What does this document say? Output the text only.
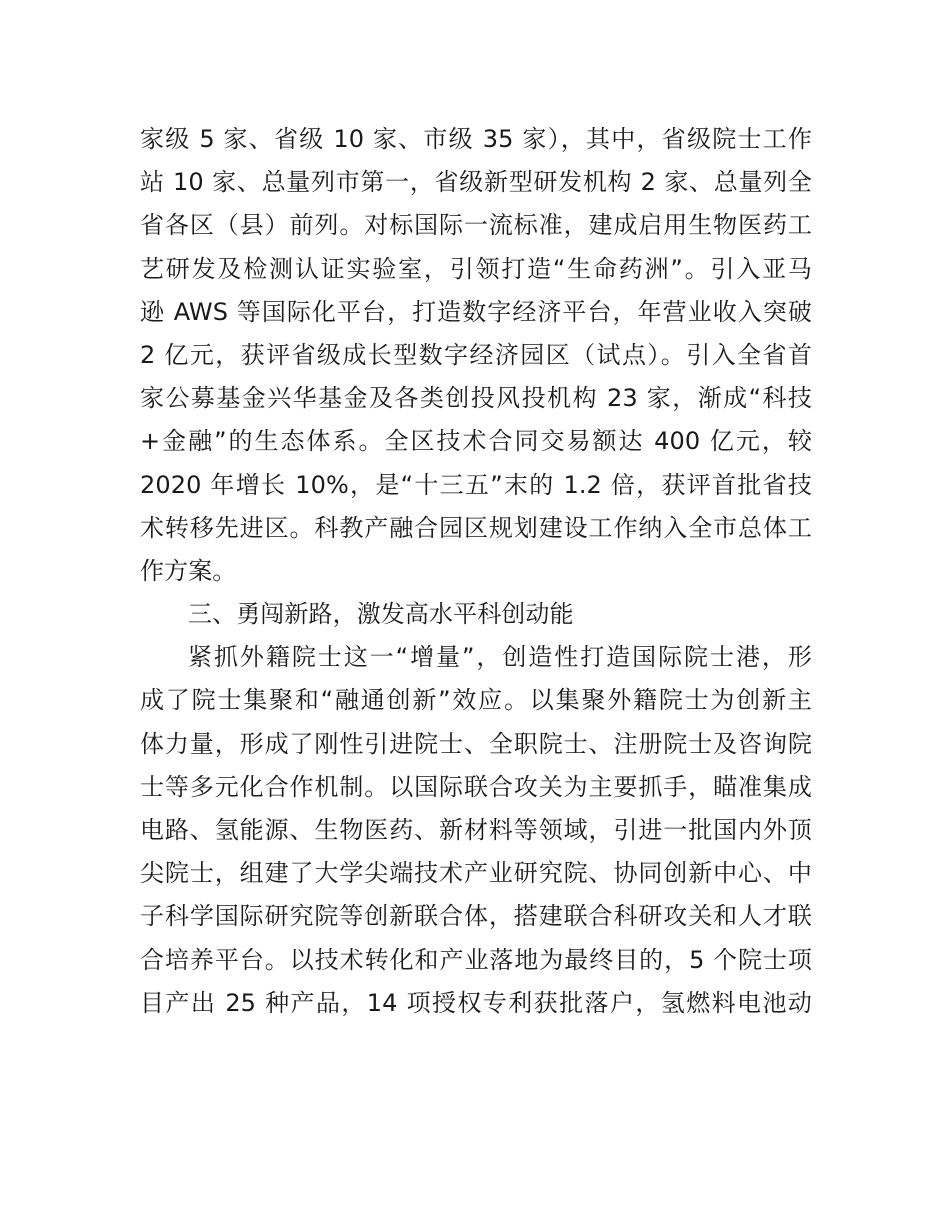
家级 5 家、省级 10 家、市级 35 家），其中，省级院士工作
站 10 家、总量列市第一，省级新型研发机构 2 家、总量列全
省各区（县）前列。对标国际一流标准，建成启用生物医药工
艺研发及检测认证实验室，引领打造“生命药洲”。引入亚马
逊 AWS 等国际化平台，打造数字经济平台，年营业收入突破
2 亿元，获评省级成长型数字经济园区（试点）。引入全省首
家公募基金兴华基金及各类创投风投机构 23 家，渐成“科技
+金融”的生态体系。全区技术合同交易额达 400 亿元，较
2020 年增长 10%，是“十三五”末的 1.2 倍，获评首批省技
术转移先进区。科教产融合园区规划建设工作纳入全市总体工
作方案。
三、勇闯新路，激发高水平科创动能
紧抓外籍院士这一“增量”，创造性打造国际院士港，形
成了院士集聚和“融通创新”效应。以集聚外籍院士为创新主
体力量，形成了刚性引进院士、全职院士、注册院士及咨询院
士等多元化合作机制。以国际联合攻关为主要抓手，瞄准集成
电路、氢能源、生物医药、新材料等领域，引进一批国内外顶
尖院士，组建了大学尖端技术产业研究院、协同创新中心、中
子科学国际研究院等创新联合体，搭建联合科研攻关和人才联
合培养平台。以技术转化和产业落地为最终目的，5 个院士项
目产出 25 种产品，14 项授权专利获批落户，氢燃料电池动
